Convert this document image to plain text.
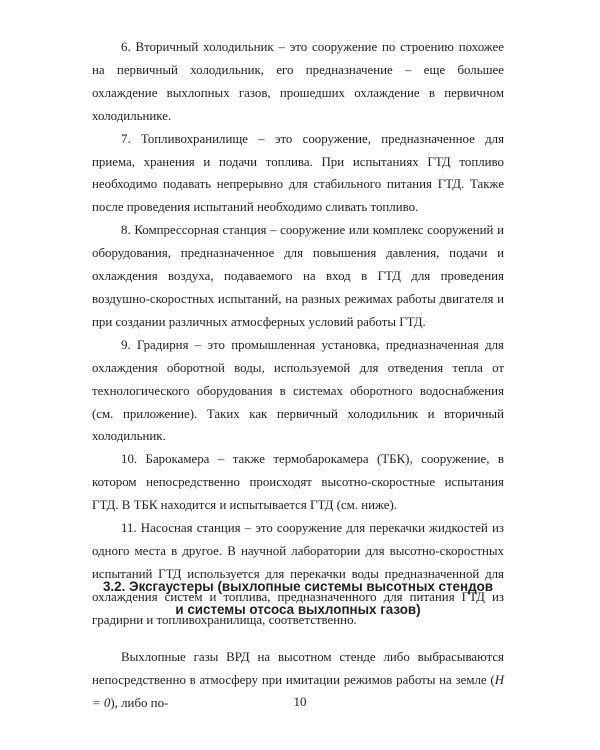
6. Вторичный холодильник – это сооружение по строению похожее на первичный холодильник, его предназначение – еще большее охлаждение выхлопных газов, прошедших охлаждение в первичном холодильнике.

7. Топливохранилище – это сооружение, предназначенное для приема, хранения и подачи топлива. При испытаниях ГТД топливо необходимо подавать непрерывно для стабильного питания ГТД. Также после проведения испытаний необходимо сливать топливо.

8. Компрессорная станция – сооружение или комплекс сооружений и оборудования, предназначенное для повышения давления, подачи и охлаждения воздуха, подаваемого на вход в ГТД для проведения воздушно-скоростных испытаний, на разных режимах работы двигателя и при создании различных атмосферных условий работы ГТД.

9. Градирня – это промышленная установка, предназначенная для охлаждения оборотной воды, используемой для отведения тепла от технологического оборудования в системах оборотного водоснабжения (см. приложение). Таких как первичный холодильник и вторичный холодильник.

10. Барокамера – также термобарокамера (ТБК), сооружение, в котором непосредственно происходят высотно-скоростные испытания ГТД. В ТБК находится и испытывается ГТД (см. ниже).

11. Насосная станция – это сооружение для перекачки жидкостей из одного места в другое. В научной лаборатории для высотно-скоростных испытаний ГТД используется для перекачки воды предназначенной для охлаждения систем и топлива, предназначенного для питания ГТД из градирни и топливохранилища, соответственно.

3.2. Эксгаустеры (выхлопные системы высотных стендов
и системы отсоса выхлопных газов)

Выхлопные газы ВРД на высотном стенде либо выбрасываются непосредственно в атмосферу при имитации режимов работы на земле (H = 0), либо по-	10
